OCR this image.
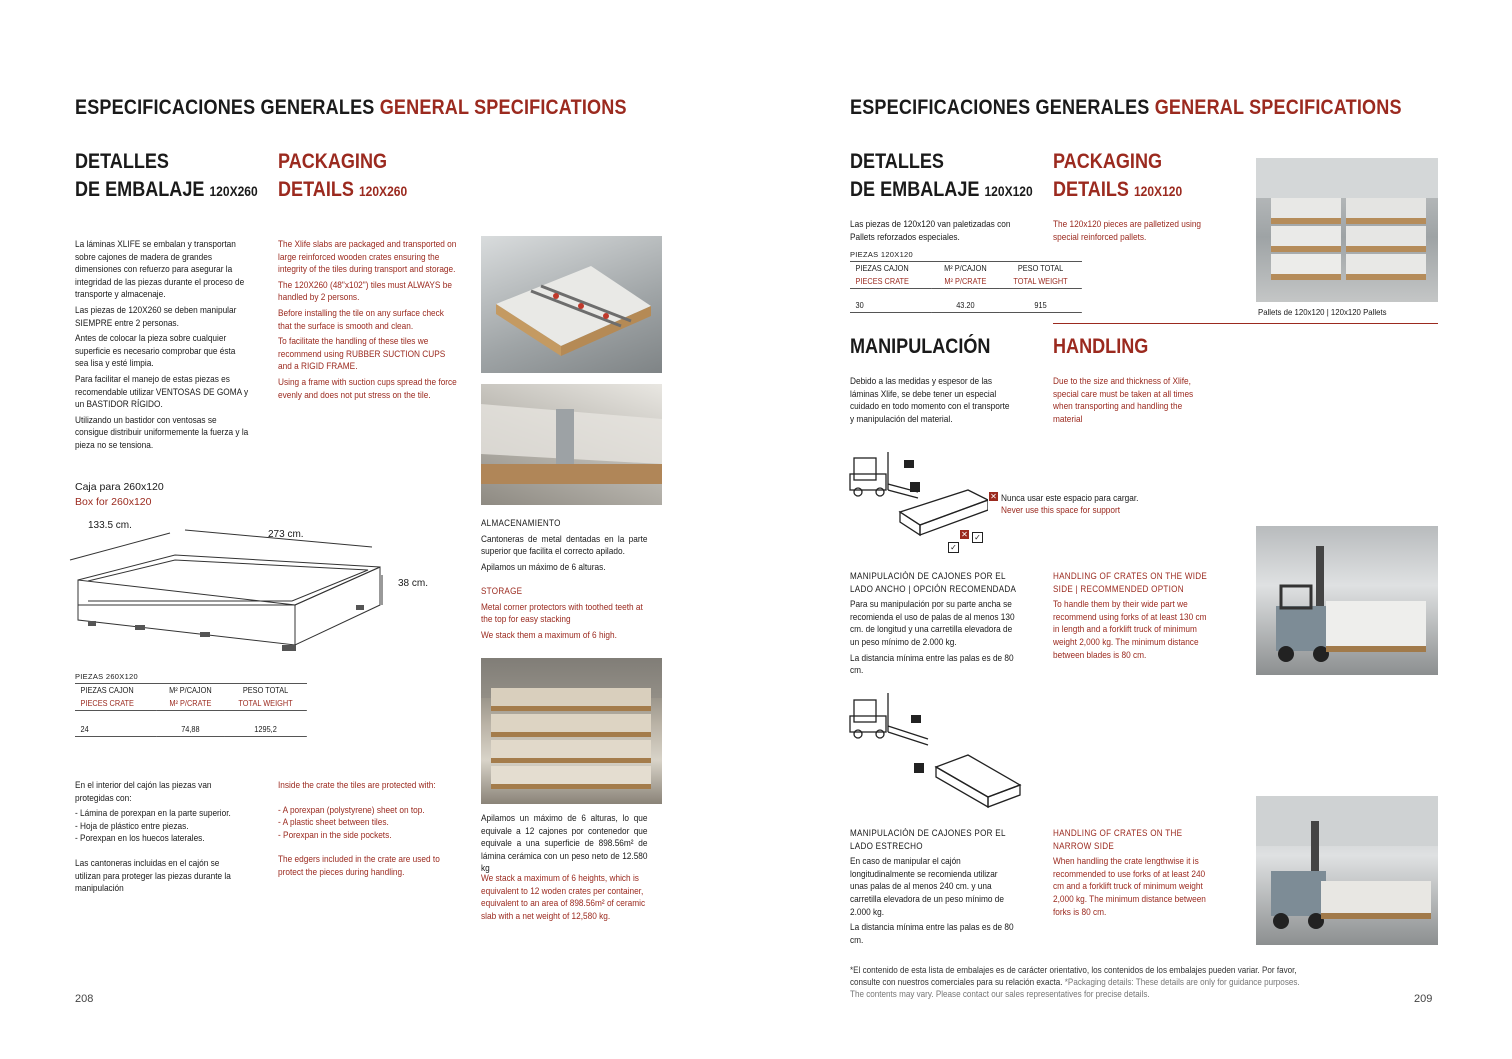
ESPECIFICACIONES GENERALES GENERAL SPECIFICATIONS
DETALLES
DE EMBALAJE 120X260
PACKAGING
DETAILS 120X260
La láminas XLIFE se embalan y transportan sobre cajones de madera de grandes dimensiones con refuerzo para asegurar la integridad de las piezas durante el proceso de transporte y almacenaje.
Las piezas de 120X260 se deben manipular SIEMPRE entre 2 personas.
Antes de colocar la pieza sobre cualquier superficie es necesario comprobar que ésta sea lisa y esté limpia.
Para facilitar el manejo de estas piezas es recomendable utilizar VENTOSAS DE GOMA y un BASTIDOR RÍGIDO.
Utilizando un bastidor con ventosas se consigue distribuir uniformemente la fuerza y la pieza no se tensiona.
The Xlife slabs are packaged and transported on large reinforced wooden crates ensuring the integrity of the tiles during transport and storage.
The 120X260 (48"x102") tiles must ALWAYS be handled by 2 persons.
Before installing the tile on any surface check that the surface is smooth and clean.
To facilitate the handling of these tiles we recommend using RUBBER SUCTION CUPS and a RIGID FRAME.
Using a frame with suction cups spread the force evenly and does not put stress on the tile.
ALMACENAMIENTO
Cantoneras de metal dentadas en la parte superior que facilita el correcto apilado.
Apilamos un máximo de 6 alturas.
STORAGE
Metal corner protectors with toothed teeth at the top for easy stacking
We stack them a maximum of 6 high.
Apilamos un máximo de 6 alturas, lo que equivale a 12 cajones por contenedor que equivale a una superficie de 898.56m² de lámina cerámica con un peso neto de 12.580 kg
We stack a maximum of 6 heights, which is equivalent to 12 woden crates per container, equivalent to an area of 898.56m² of ceramic slab with a net weight of 12,580 kg.
Caja para 260x120
Box for 260x120
133.5 cm.
273 cm.
38 cm.
PIEZAS 260X120
PIEZAS CAJON	M² P/CAJON	PESO TOTAL
PIECES CRATE	M² P/CRATE	TOTAL WEIGHT

24	74,88	1295,2
En el interior del cajón las piezas van protegidas con:
- Lámina de porexpan en la parte superior.
- Hoja de plástico entre piezas.
- Porexpan en los huecos laterales.
Las cantoneras incluidas en el cajón se utilizan para proteger las piezas durante la manipulación
Inside the crate the tiles are protected with:
- A porexpan (polystyrene) sheet on top.
- A plastic sheet between tiles.
- Porexpan in the side pockets.
The edgers included in the crate are used to protect the pieces during handling.
208
ESPECIFICACIONES GENERALES GENERAL SPECIFICATIONS
DETALLES
DE EMBALAJE 120X120
PACKAGING
DETAILS 120X120
Las piezas de 120x120 van paletizadas con Pallets reforzados especiales.
The 120x120 pieces are palletized using special reinforced pallets.
PIEZAS 120X120
PIEZAS CAJON	M² P/CAJON	PESO TOTAL
PIECES CRATE	M² P/CRATE	TOTAL WEIGHT

30	43.20	915
Pallets de 120x120 | 120x120 Pallets
MANIPULACIÓN	HANDLING
Debido a las medidas y espesor de las láminas Xlife, se debe tener un especial cuidado en todo momento con el transporte y manipulación del material.
Due to the size and thickness of Xlife, special care must be taken at all times when transporting and handling the material
✓
✕
✓
✕ Nunca usar este espacio para cargar.
Never use this space for support
MANIPULACIÓN DE CAJONES POR EL LADO ANCHO | OPCIÓN RECOMENDADA
Para su manipulación por su parte ancha se recomienda el uso de palas de al menos 130 cm. de longitud y una carretilla elevadora de un peso mínimo de 2.000 kg.
La distancia mínima entre las palas es de 80 cm.
HANDLING OF CRATES ON THE WIDE SIDE | RECOMMENDED OPTION
To handle them by their wide part we recommend using forks of at least 130 cm in length and a forklift truck of minimum weight 2,000 kg. The minimum distance between blades is 80 cm.
MANIPULACIÓN DE CAJONES POR EL LADO ESTRECHO
En caso de manipular el cajón longitudinalmente se recomienda utilizar unas palas de al menos 240 cm. y una carretilla elevadora de un peso mínimo de 2.000 kg.
La distancia mínima entre las palas es de 80 cm.
HANDLING OF CRATES ON THE NARROW SIDE
When handling the crate lengthwise it is recommended to use forks of at least 240 cm and a forklift truck of minimum weight 2,000 kg. The minimum distance between forks is 80 cm.
*El contenido de esta lista de embalajes es de carácter orientativo, los contenidos de los embalajes pueden variar. Por favor, consulte con nuestros comerciales para su relación exacta. *Packaging details: These details are only for guidance purposes. The contents may vary. Please contact our sales representatives for precise details.	209
